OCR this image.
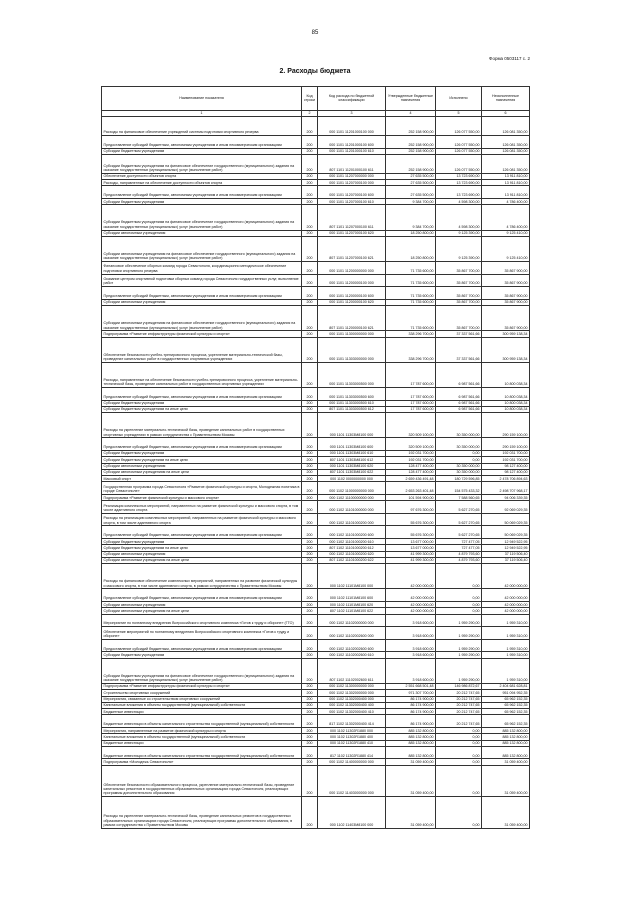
85
Форма 0503117 с. 2
2. Расходы бюджета
Наименование показателя	Код строки	Код расхода по бюджетной классификации	Утвержденные бюджетные назначения	Исполнено	Неисполненные назначения
1	2	3	4	5	6
Расходы на финансовое обеспечение учреждений системы подготовки спортивного резерва	200	000 1101 11201000100 000	252 158 900,00	126 077 550,00	126 081 350,00
Предоставление субсидий бюджетным, автономным учреждениям и иным некоммерческим организациям	200	000 1101 11201000100 600	252 158 900,00	126 077 550,00	126 081 350,00
Субсидии бюджетным учреждениям	200	000 1101 11201000100 610	252 158 900,00	126 077 550,00	126 081 350,00
Субсидии бюджетным учреждениям на финансовое обеспечение государственного (муниципального) задания на оказание государственных (муниципальных) услуг (выполнение работ)	200	807 1101 11201000100 611	252 158 900,00	126 077 550,00	126 081 350,00
Обеспечение доступности объектов спорта	200	000 1101 11207000000 000	27 635 500,00	13 723 690,00	13 911 810,00
Расходы, направленные на обеспечение доступности объектов спорта	200	000 1101 11207000100 000	27 635 500,00	13 723 690,00	13 911 810,00
Предоставление субсидий бюджетным, автономным учреждениям и иным некоммерческим организациям	200	000 1101 11207000100 600	27 635 500,00	13 723 690,00	13 911 810,00
Субсидии бюджетным учреждениям	200	000 1101 11207000100 610	9 384 700,00	4 598 300,00	4 786 400,00
Субсидии бюджетным учреждениям на финансовое обеспечение государственного (муниципального) задания на оказание государственных (муниципальных) услуг (выполнение работ)	200	807 1101 11207000100 611	9 384 700,00	4 598 300,00	4 786 400,00
Субсидии автономным учреждениям	200	000 1101 11207000100 620	18 250 800,00	9 125 390,00	9 125 410,00
Субсидии автономным учреждениям на финансовое обеспечение государственного (муниципального) задания на оказание государственных (муниципальных) услуг (выполнение работ)	200	807 1101 11207000100 621	18 250 800,00	9 125 390,00	9 125 410,00
Финансовое обеспечение сборных команд города Севастополя, координационно методическое обеспечение подготовки спортивного резерва	200	000 1101 11200000000 000	71 735 600,00	35 867 700,00	35 867 900,00
Оказание центром спортивной подготовки сборных команд города Севастополя государственных услуг, выполнение работ	200	000 1101 11200000100 000	71 735 600,00	35 867 700,00	35 867 900,00
Предоставление субсидий бюджетным, автономным учреждениям и иным некоммерческим организациям	200	000 1101 11200000100 600	71 735 600,00	35 867 700,00	35 867 900,00
Субсидии автономным учреждениям	200	000 1101 11200000100 620	71 735 600,00	35 867 700,00	35 867 900,00
Субсидии автономным учреждениям на финансовое обеспечение государственного (муниципального) задания на оказание государственных (муниципальных) услуг (выполнение работ)	200	807 1101 11200000100 621	71 735 600,00	35 867 700,00	35 867 900,00
Подпрограмма «Развитие инфраструктуры физической культуры и спорта»	200	000 1101 11300000000 000	338 296 700,00	37 337 561,66	300 959 138,34
Обеспечение безопасности учебно-тренировочного процесса, укрепление материально-технической базы, проведение капитальных работ в государственных спортивных учреждениях	200	000 1101 11303000000 000	338 296 700,00	37 337 561,66	300 959 138,34
Расходы, направленные на обеспечение безопасности учебно-тренировочного процесса, укрепление материально-технической базы, проведение капитальных работ в государственных спортивных учреждениях	200	000 1101 11303000500 000	17 787 600,00	6 987 561,66	10 800 038,34
Предоставление субсидий бюджетным, автономным учреждениям и иным некоммерческим организациям	200	000 1101 11303000500 600	17 787 600,00	6 987 561,66	10 800 038,34
Субсидии бюджетным учреждениям	200	000 1101 11303000500 610	17 787 600,00	6 987 561,66	10 800 038,34
Субсидии бюджетным учреждениям на иные цели	200	807 1101 11303000500 612	17 787 600,00	6 987 561,66	10 800 038,34
Расходы на укрепление материально-технической базы, проведение капитальных работ в государственных спортивных учреждениях в рамках сотрудничества с Правительством Москвы	200	000 1101 11303М8100 000	320 509 100,00	30 350 000,00	290 159 100,00
Предоставление субсидий бюджетным, автономным учреждениям и иным некоммерческим организациям	200	000 1101 11303М8100 600	320 509 100,00	30 350 000,00	290 159 100,00
Субсидии бюджетным учреждениям	200	000 1101 11303М8100 610	192 031 700,00	0,00	192 031 700,00
Субсидии бюджетным учреждениям на иные цели	200	807 1101 11303М8100 612	192 031 700,00	0,00	192 031 700,00
Субсидии автономным учреждениям	200	000 1101 11303М8100 620	128 477 400,00	30 350 000,00	98 127 400,00
Субсидии автономным учреждениям на иные цели	200	807 1101 11303М8100 622	128 477 400,00	30 350 000,00	98 127 400,00
Массовый спорт	200	000 1102 0000000000 000	2 659 436 491,48	180 729 596,85	2 478 706 894,63
Государственная программа города Севастополя «Развитие физической культуры и спорта, Молодежная политика в городе Севастополе»	200	000 1102 11000000000 000	2 653 263 401,48	154 575 433,32	2 498 707 968,17
Подпрограмма «Развитие физической культуры и массового спорта»	200	000 1102 11100000000 000	101 594 900,00	7 588 560,65	94 006 339,35
Реализация комплексных мероприятий, направленных на развитие физической культуры и массового спорта, в том числе адаптивного спорта	200	000 1102 11101000000 000	97 676 300,00	5 627 270,65	92 069 029,35
Расходы на реализацию комплексных мероприятий, направленных на развитие физической культуры и массового спорта, в том числе адаптивного спорта	200	000 1102 11101000200 000	55 676 300,00	5 627 270,65	50 069 029,35
Предоставление субсидий бюджетным, автономным учреждениям и иным некоммерческим организациям	200	000 1102 11101000200 600	55 676 300,00	5 627 270,65	50 069 029,35
Субсидии бюджетным учреждениям	200	000 1102 11101000200 610	13 677 000,00	727 477,05	12 949 522,95
Субсидии бюджетным учреждениям на иные цели	200	807 1102 11101000200 612	13 677 000,00	727 477,05	12 949 522,95
Субсидии автономным учреждениям	200	000 1102 11101000200 620	41 999 300,00	4 879 793,60	37 119 506,40
Субсидии автономным учреждениям на иные цели	200	807 1102 11101000200 622	41 999 300,00	4 879 793,60	37 119 506,40
Расходы на финансовое обеспечение комплексных мероприятий, направленных на развитие физической культуры и массового спорта, в том числе адаптивного спорта, в рамках сотрудничества с Правительством Москвы	200	000 1102 11101М8100 000	42 000 000,00	0,00	42 000 000,00
Предоставление субсидий бюджетным, автономным учреждениям и иным некоммерческим организациям	200	000 1102 11101М8100 600	42 000 000,00	0,00	42 000 000,00
Субсидии автономным учреждениям	200	000 1102 11101М8100 620	42 000 000,00	0,00	42 000 000,00
Субсидии автономным учреждениям на иные цели	200	807 1102 11101М8100 622	42 000 000,00	0,00	42 000 000,00
Мероприятие по поэтапному внедрению Всероссийского спортивного комплекса «Готов к труду и обороне» (ГТО)	200	000 1102 11102000000 000	3 918 600,00	1 959 290,00	1 959 310,00
Обеспечение мероприятий по поэтапному внедрению Всероссийского спортивного комплекса «Готов к труду и обороне»	200	000 1102 11102002600 000	3 918 600,00	1 959 290,00	1 959 310,00
Предоставление субсидий бюджетным, автономным учреждениям и иным некоммерческим организациям	200	000 1102 11102002600 600	3 918 600,00	1 959 290,00	1 959 310,00
Субсидии бюджетным учреждениям	200	000 1102 11102002600 610	3 918 600,00	1 959 290,00	1 959 310,00
Субсидии бюджетным учреждениям на финансовое обеспечение государственного (муниципального) задания на оказание государственных (муниципальных) услуг (выполнение работ)	200	807 1102 11102002600 611	3 918 600,00	1 959 290,00	1 959 310,00
Подпрограмма «Развитие инфраструктуры физической культуры и спорта»	200	000 1102 11300000000 000	2 551 668 501,48	146 986 872,67	2 404 681 628,81
Строительство спортивных сооружений	200	000 1102 11302000000 000	971 307 700,00	20 212 747,65	951 094 952,35
Мероприятия, связанные со строительством спортивных сооружений	200	000 1102 11302000400 000	86 174 900,00	20 212 747,65	65 962 152,35
Капитальные вложения в объекты государственной (муниципальной) собственности	200	000 1102 11302000400 400	86 174 900,00	20 212 747,65	65 962 152,35
Бюджетные инвестиции	200	000 1102 11302000400 410	86 174 900,00	20 212 747,65	65 962 152,35
Бюджетные инвестиции в объекты капитального строительства государственной (муниципальной) собственности	200	817 1102 11302000400 414	86 174 900,00	20 212 747,65	65 962 152,35
Мероприятия, направленные на развитие физической культуры и спорта	200	000 1102 11302R1880 000	885 132 800,00	0,00	885 132 800,00
Капитальные вложения в объекты государственной (муниципальной) собственности	200	000 1102 11302R1880 400	885 132 800,00	0,00	885 132 800,00
Бюджетные инвестиции	200	000 1102 11302R1880 410	885 132 800,00	0,00	885 132 800,00
Бюджетные инвестиции в объекты капитального строительства государственной (муниципальной) собственности	200	817 1102 11302R1880 414	885 132 800,00	0,00	885 132 800,00
Подпрограмма «Молодежь Севастополя»	200	000 1102 11400000000 000	31 059 400,00	0,00	31 059 400,00
Обеспечение безопасности образовательного процесса, укрепление материально-технической базы, проведение капитальных ремонтов в государственных образовательных организациях города Севастополя, реализующих программы дополнительного образования	200	000 1102 11403000000 000	31 059 400,00	0,00	31 059 400,00
Расходы на укрепление материально-технической базы, проведение капитальных ремонтов в государственных образовательных организациях города Севастополя, реализующих программы дополнительного образования, в рамках сотрудничества с Правительством Москвы	200	000 1102 11403М8100 000	31 059 400,00	0,00	31 059 400,00
